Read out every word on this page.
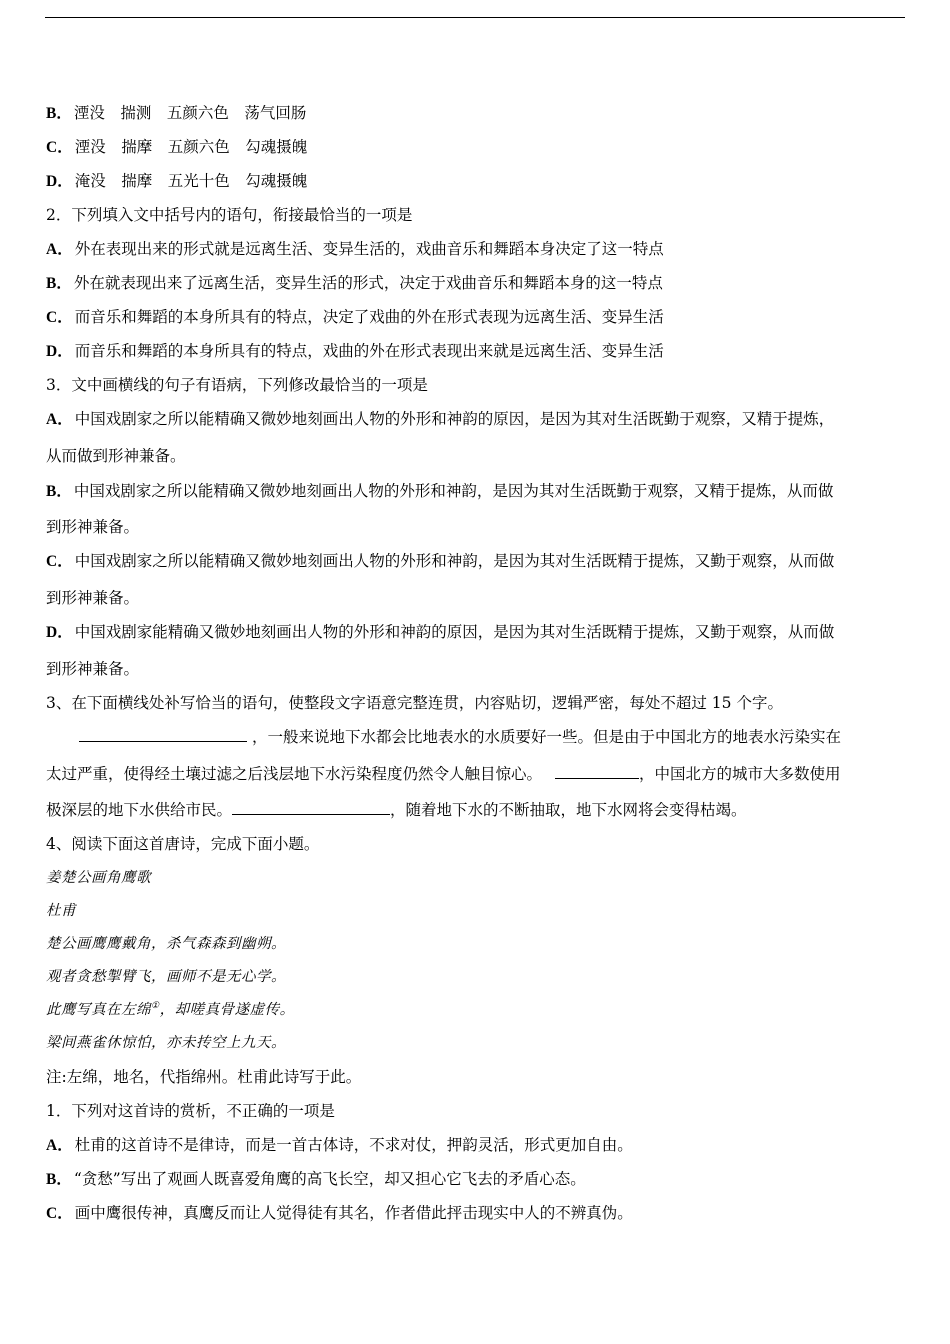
B． 湮没　揣测　五颜六色　荡气回肠
C． 湮没　揣摩　五颜六色　勾魂摄魄
D． 淹没　揣摩　五光十色　勾魂摄魄
2．下列填入文中括号内的语句，衔接最恰当的一项是
A． 外在表现出来的形式就是远离生活、变异生活的，戏曲音乐和舞蹈本身决定了这一特点
B． 外在就表现出来了远离生活，变异生活的形式，决定于戏曲音乐和舞蹈本身的这一特点
C． 而音乐和舞蹈的本身所具有的特点，决定了戏曲的外在形式表现为远离生活、变异生活
D． 而音乐和舞蹈的本身所具有的特点，戏曲的外在形式表现出来就是远离生活、变异生活
3．文中画横线的句子有语病，下列修改最恰当的一项是
A． 中国戏剧家之所以能精确又微妙地刻画出人物的外形和神韵的原因，是因为其对生活既勤于观察，又精于提炼，
从而做到形神兼备。
B． 中国戏剧家之所以能精确又微妙地刻画出人物的外形和神韵，是因为其对生活既勤于观察，又精于提炼，从而做
到形神兼备。
C． 中国戏剧家之所以能精确又微妙地刻画出人物的外形和神韵，是因为其对生活既精于提炼，又勤于观察，从而做
到形神兼备。
D． 中国戏剧家能精确又微妙地刻画出人物的外形和神韵的原因，是因为其对生活既精于提炼，又勤于观察，从而做
到形神兼备。
3、在下面横线处补写恰当的语句，使整段文字语意完整连贯，内容贴切，逻辑严密，每处不超过 15 个字。
，一般来说地下水都会比地表水的水质要好一些。但是由于中国北方的地表水污染实在
太过严重，使得经土壤过滤之后浅层地下水污染程度仍然令人触目惊心。	，中国北方的城市大多数使用
极深层的地下水供给市民。	，随着地下水的不断抽取，地下水网将会变得枯竭。
4、阅读下面这首唐诗，完成下面小题。
姜楚公画角鹰歌
杜甫
楚公画鹰鹰戴角，杀气森森到幽朔。
观者贪愁掣臂飞，画师不是无心学。
此鹰写真在左绵①，却嗟真骨遂虚传。
梁间燕雀休惊怕，亦未抟空上九天。
注:左绵，地名，代指绵州。杜甫此诗写于此。
1．下列对这首诗的赏析，不正确的一项是
A． 杜甫的这首诗不是律诗，而是一首古体诗，不求对仗，押韵灵活，形式更加自由。
B． “贪愁”写出了观画人既喜爱角鹰的高飞长空，却又担心它飞去的矛盾心态。
C． 画中鹰很传神，真鹰反而让人觉得徒有其名，作者借此抨击现实中人的不辨真伪。
